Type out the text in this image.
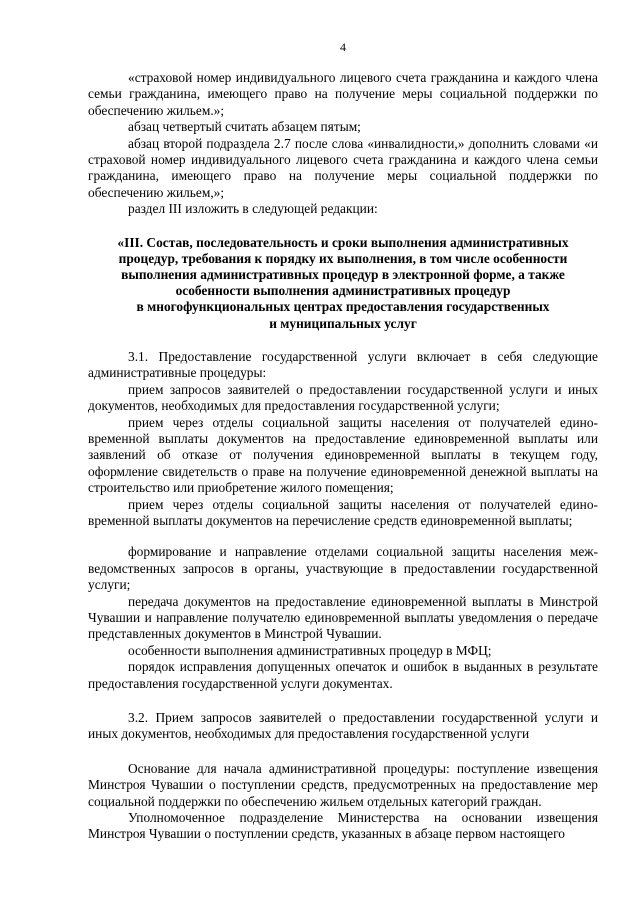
4

«страховой номер индивидуального лицевого счета гражданина и каждого члена семьи гражданина, имеющего право на получение меры социальной поддержки по обеспечению жильем.»;

абзац четвертый считать абзацем пятым;

абзац второй подраздела 2.7 после слова «инвалидности,» дополнить словами «и страховой номер индивидуального лицевого счета гражданина и каждого члена семьи гражданина, имеющего право на получение меры социальной поддержки по обеспечению жильем,»;

раздел III изложить в следующей редакции:

«III. Состав, последовательность и сроки выполнения административных
процедур, требования к порядку их выполнения, в том числе особенности
выполнения административных процедур в электронной форме, а также
особенности выполнения административных процедур
в многофункциональных центрах предоставления государственных
и муниципальных услуг

3.1. Предоставление государственной услуги включает в себя следующие административные процедуры:

прием запросов заявителей о предоставлении государственной услуги и иных документов, необходимых для предоставления государственной услуги;

прием через отделы социальной защиты населения от получателей единовременной выплаты документов на предоставление единовременной выплаты или заявлений об отказе от получения единовременной выплаты в текущем году, оформление свидетельств о праве на получение единовременной денежной выплаты на строительство или приобретение жилого помещения;

прием через отделы социальной защиты населения от получателей единовременной выплаты документов на перечисление средств единовременной выплаты;

формирование и направление отделами социальной защиты населения межведомственных запросов в органы, участвующие в предоставлении государственной услуги;

передача документов на предоставление единовременной выплаты в Минстрой Чувашии и направление получателю единовременной выплаты уведомления о передаче представленных документов в Минстрой Чувашии.

особенности выполнения административных процедур в МФЦ;

порядок исправления допущенных опечаток и ошибок в выданных в результате предоставления государственной услуги документах.

3.2. Прием запросов заявителей о предоставлении государственной услуги и иных документов, необходимых для предоставления государственной услуги

Основание для начала административной процедуры: поступление извещения Минстроя Чувашии о поступлении средств, предусмотренных на предоставление мер социальной поддержки по обеспечению жильем отдельных категорий граждан.

Уполномоченное подразделение Министерства на основании извещения Минстроя Чувашии о поступлении средств, указанных в абзаце первом настоящего
